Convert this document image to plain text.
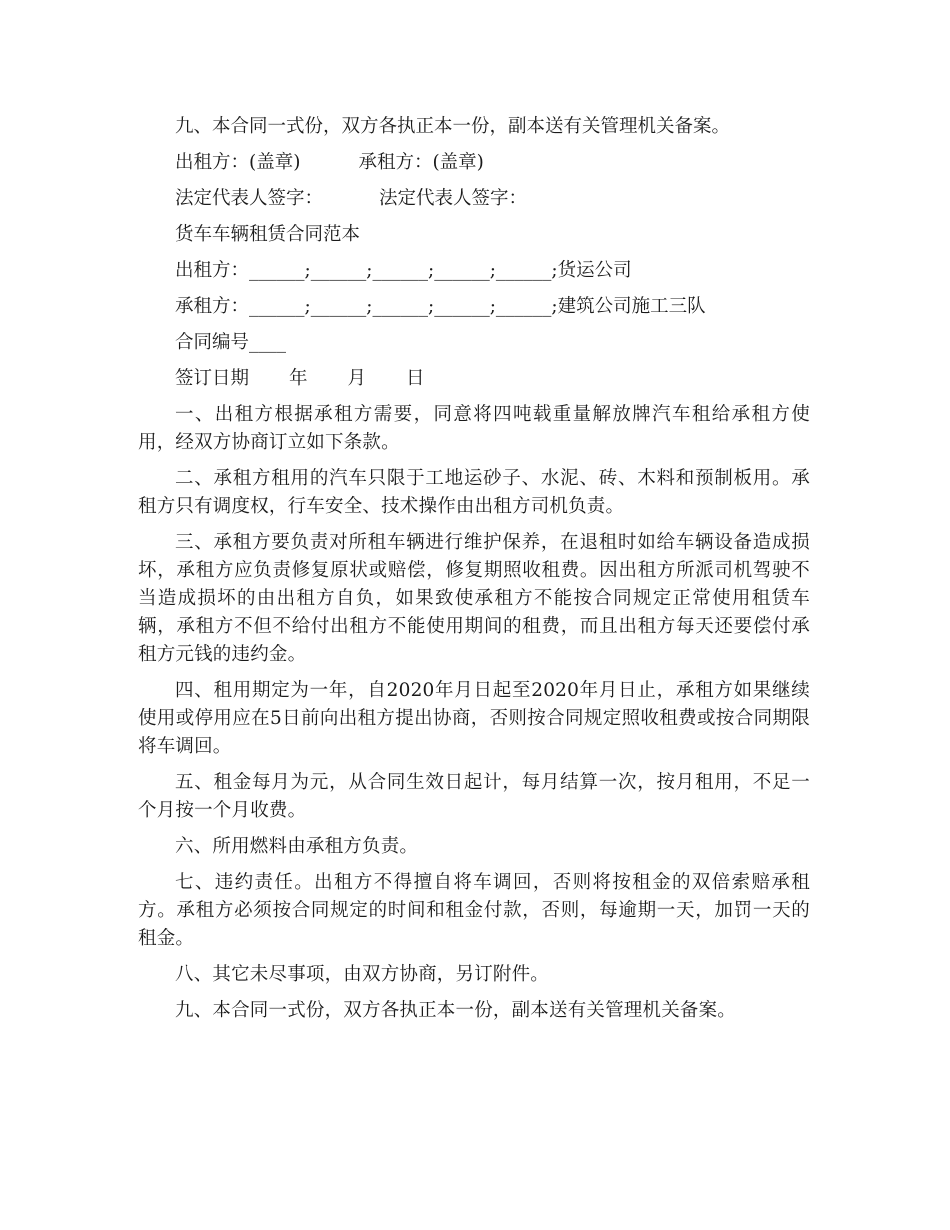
九、本合同一式份，双方各执正本一份，副本送有关管理机关备案。
出租方：(盖章)	承租方：(盖章)
法定代表人签字：	法定代表人签字：
货车车辆租赁合同范本
出租方：______;______;______;______;______;货运公司
承租方：______;______;______;______;______;建筑公司施工三队
合同编号____
签订日期 年 月 日
一、出租方根据承租方需要，同意将四吨载重量解放牌汽车租给承租方使用，经双方协商订立如下条款。
二、承租方租用的汽车只限于工地运砂子、水泥、砖、木料和预制板用。承租方只有调度权，行车安全、技术操作由出租方司机负责。
三、承租方要负责对所租车辆进行维护保养，在退租时如给车辆设备造成损坏，承租方应负责修复原状或赔偿，修复期照收租费。因出租方所派司机驾驶不当造成损坏的由出租方自负，如果致使承租方不能按合同规定正常使用租赁车辆，承租方不但不给付出租方不能使用期间的租费，而且出租方每天还要偿付承租方元钱的违约金。
四、租用期定为一年，自2020年月日起至2020年月日止，承租方如果继续使用或停用应在5日前向出租方提出协商，否则按合同规定照收租费或按合同期限将车调回。
五、租金每月为元，从合同生效日起计，每月结算一次，按月租用，不足一个月按一个月收费。
六、所用燃料由承租方负责。
七、违约责任。出租方不得擅自将车调回，否则将按租金的双倍索赔承租方。承租方必须按合同规定的时间和租金付款，否则，每逾期一天，加罚一天的租金。
八、其它未尽事项，由双方协商，另订附件。
九、本合同一式份，双方各执正本一份，副本送有关管理机关备案。
